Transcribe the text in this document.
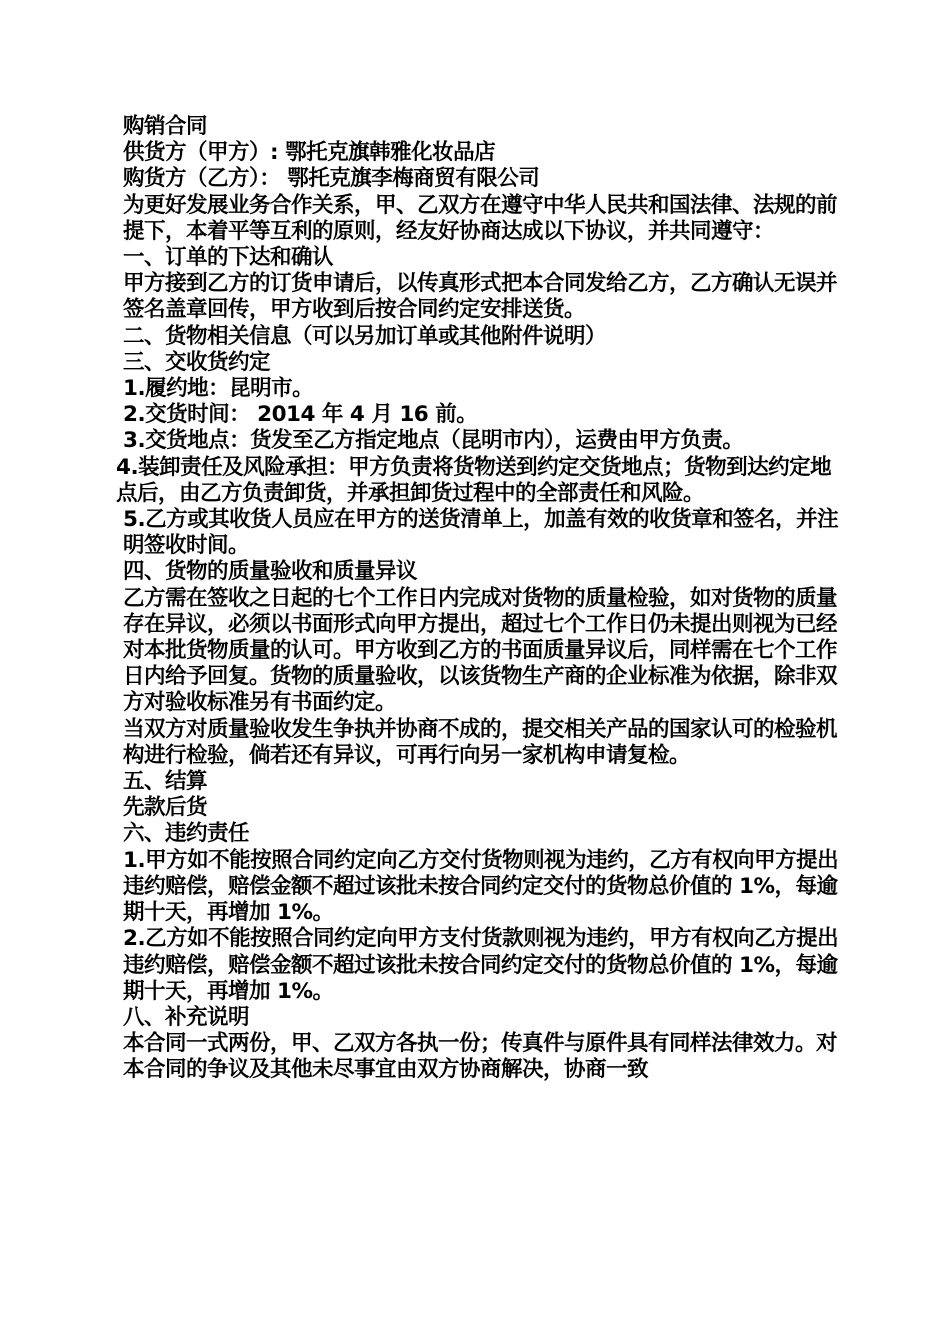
购销合同

供货方（甲方）: 鄂托克旗韩雅化妆品店

购货方（乙方）： 鄂托克旗李梅商贸有限公司

为更好发展业务合作关系，甲、乙双方在遵守中华人民共和国法律、法规的前提下，本着平等互利的原则，经友好协商达成以下协议，并共同遵守：

一、订单的下达和确认

甲方接到乙方的订货申请后，以传真形式把本合同发给乙方，乙方确认无误并签名盖章回传，甲方收到后按合同约定安排送货。

二、货物相关信息（可以另加订单或其他附件说明）

三、交收货约定

1.履约地：昆明市。

2.交货时间： 2014 年 4 月 16 前。

3.交货地点：货发至乙方指定地点（昆明市内），运费由甲方负责。

4.装卸责任及风险承担：甲方负责将货物送到约定交货地点；货物到达约定地点后，由乙方负责卸货，并承担卸货过程中的全部责任和风险。

5.乙方或其收货人员应在甲方的送货清单上，加盖有效的收货章和签名，并注明签收时间。

四、货物的质量验收和质量异议

乙方需在签收之日起的七个工作日内完成对货物的质量检验，如对货物的质量存在异议，必须以书面形式向甲方提出，超过七个工作日仍未提出则视为已经对本批货物质量的认可。甲方收到乙方的书面质量异议后，同样需在七个工作日内给予回复。货物的质量验收，以该货物生产商的企业标准为依据，除非双方对验收标准另有书面约定。

当双方对质量验收发生争执并协商不成的，提交相关产品的国家认可的检验机构进行检验，倘若还有异议，可再行向另一家机构申请复检。

五、结算

先款后货

六、违约责任

1.甲方如不能按照合同约定向乙方交付货物则视为违约，乙方有权向甲方提出违约赔偿，赔偿金额不超过该批未按合同约定交付的货物总价值的 1%，每逾期十天，再增加 1%。

2.乙方如不能按照合同约定向甲方支付货款则视为违约，甲方有权向乙方提出违约赔偿，赔偿金额不超过该批未按合同约定交付的货物总价值的 1%，每逾期十天，再增加 1%。

八、补充说明

本合同一式两份，甲、乙双方各执一份；传真件与原件具有同样法律效力。对本合同的争议及其他未尽事宜由双方协商解决，协商一致
